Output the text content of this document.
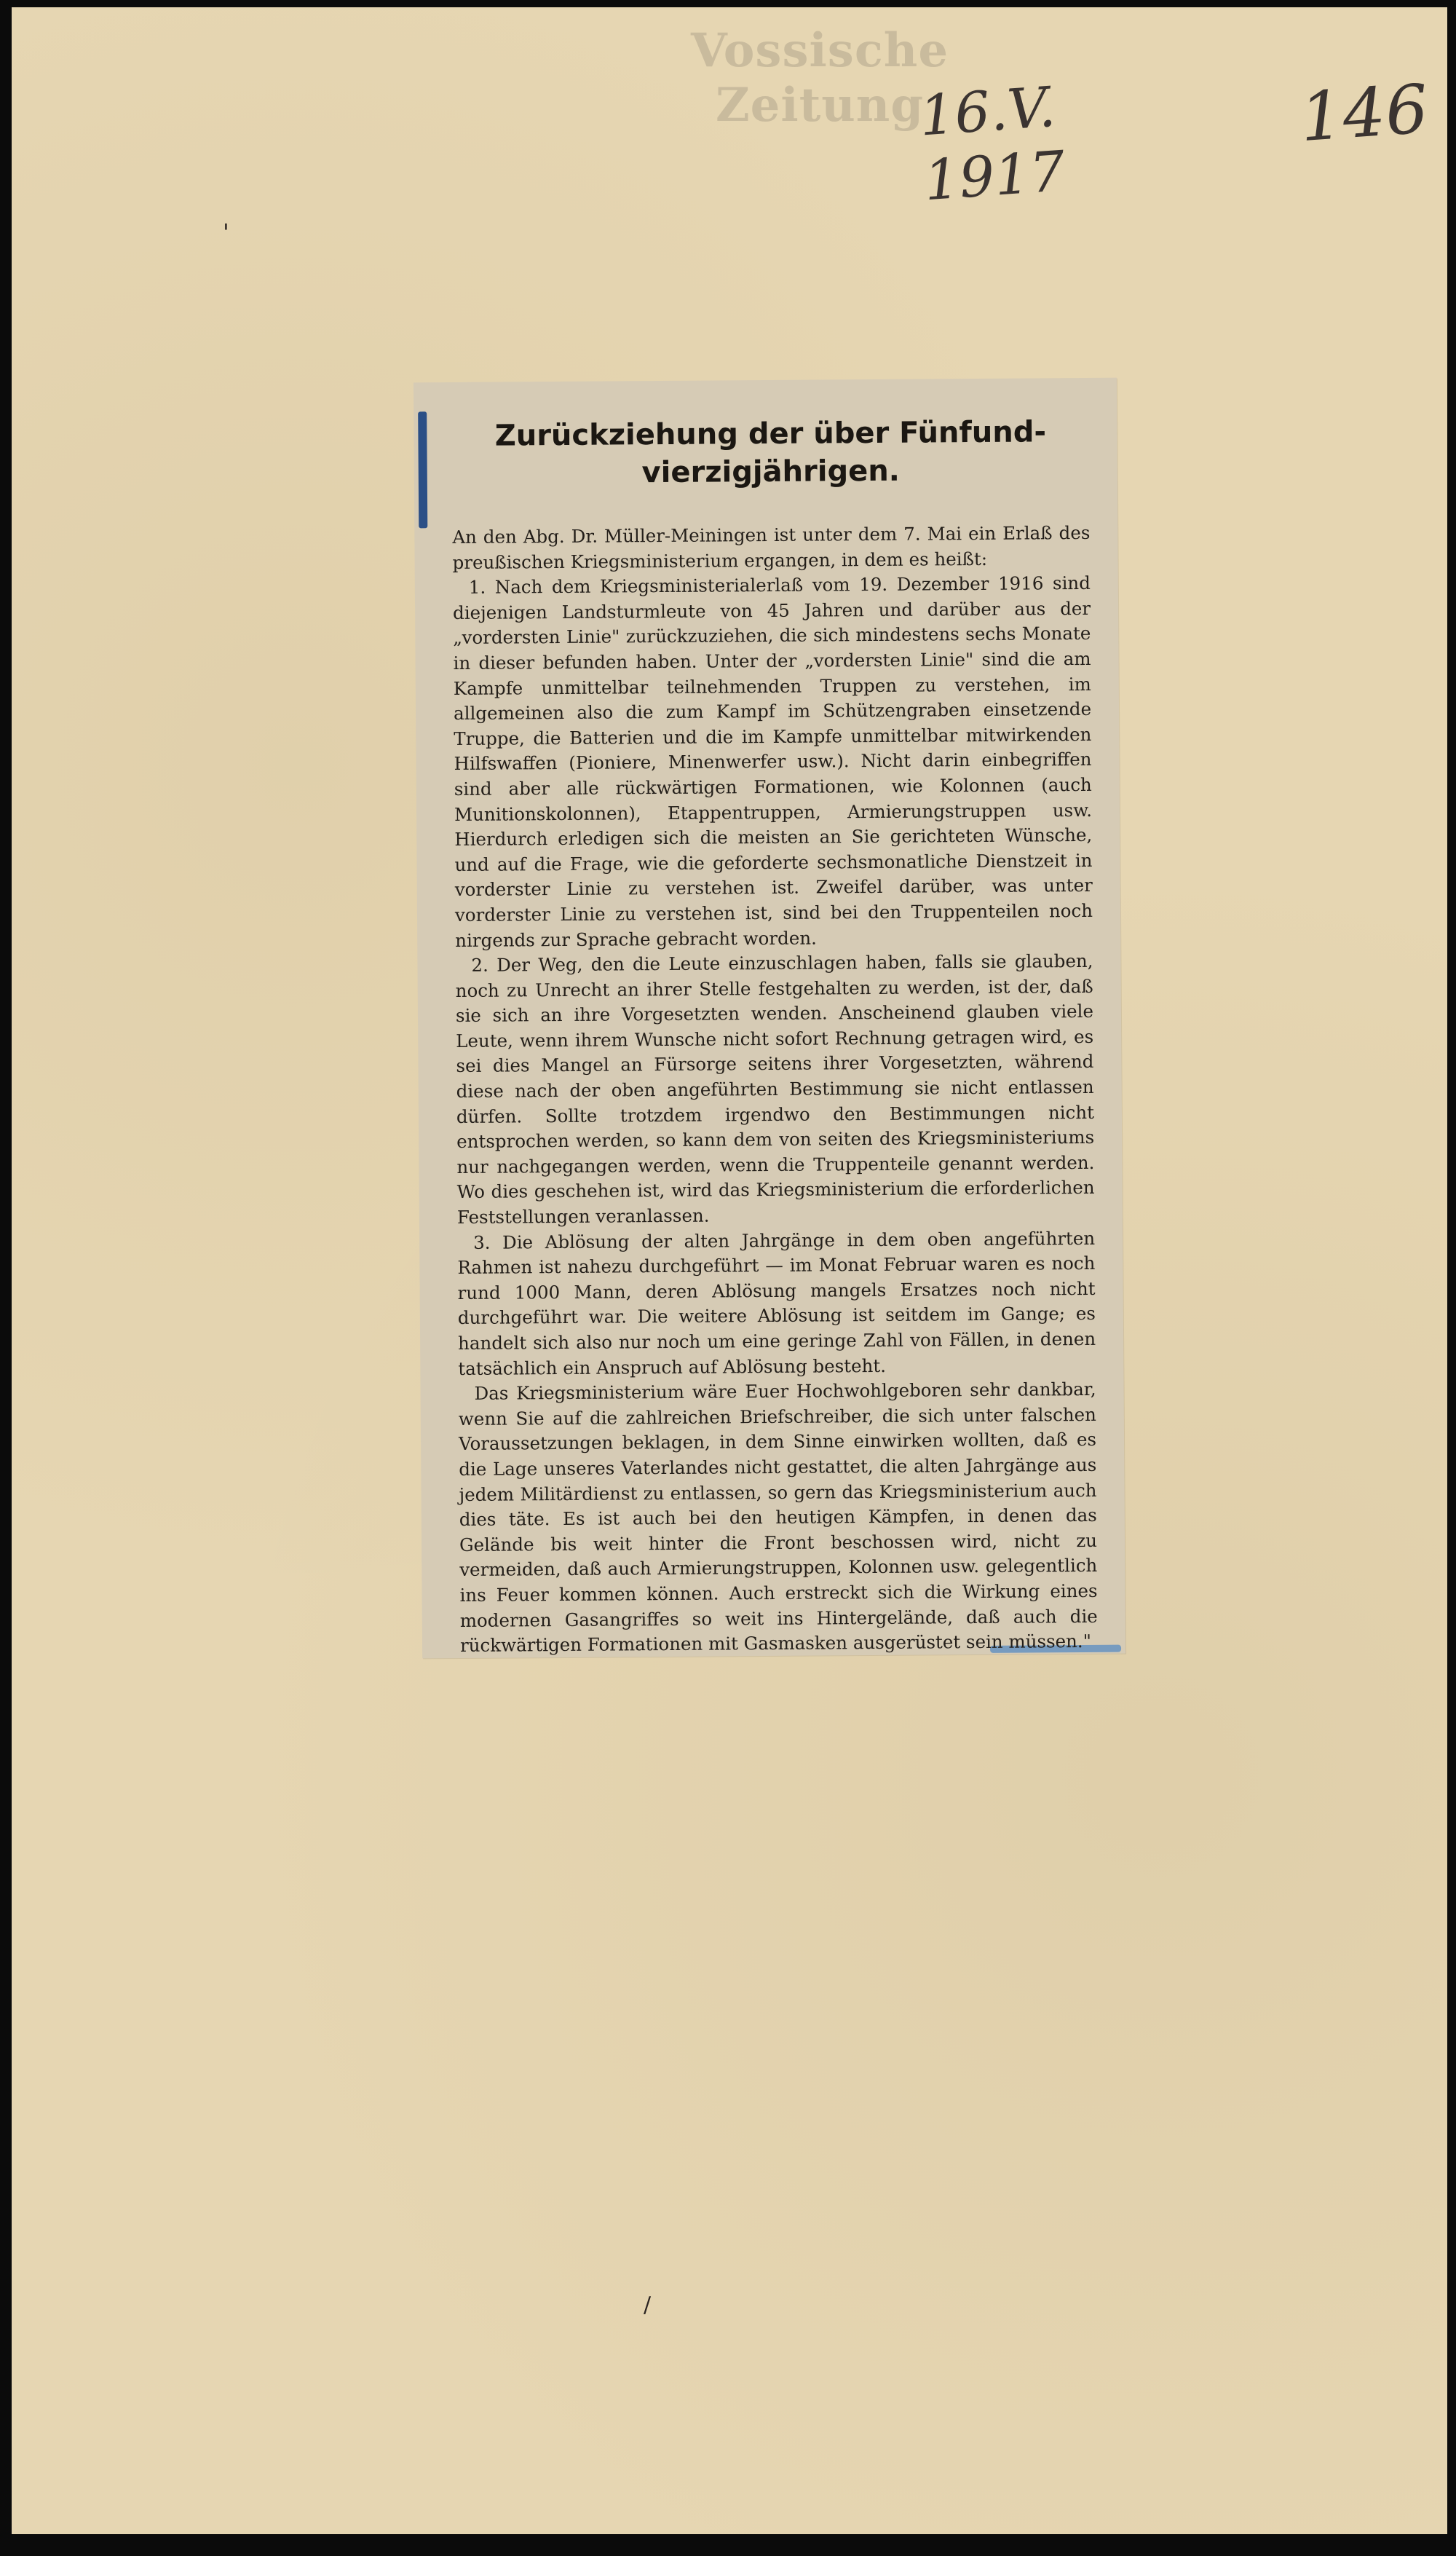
Vossische Zeitung
16.V. 1917
146
'
/
Zurückziehung der über Fünfund-
vierzigjährigen.

An den Abg. Dr. Müller-Meiningen ist unter dem 7. Mai ein Erlaß des preußischen Kriegsministerium ergangen, in dem es heißt:

1. Nach dem Kriegsministerialerlaß vom 19. Dezember 1916 sind diejenigen Landsturmleute von 45 Jahren und darüber aus der „vordersten Linie" zurückzuziehen, die sich mindestens sechs Monate in dieser befunden haben. Unter der „vordersten Linie" sind die am Kampfe unmittelbar teilnehmenden Truppen zu verstehen, im allgemeinen also die zum Kampf im Schützengraben einsetzende Truppe, die Batterien und die im Kampfe unmittelbar mitwirkenden Hilfswaffen (Pioniere, Minenwerfer usw.). Nicht darin einbegriffen sind aber alle rückwärtigen Formationen, wie Kolonnen (auch Munitionskolonnen), Etappentruppen, Armierungstruppen usw. Hierdurch erledigen sich die meisten an Sie gerichteten Wünsche, und auf die Frage, wie die geforderte sechsmonatliche Dienstzeit in vorderster Linie zu verstehen ist. Zweifel darüber, was unter vorderster Linie zu verstehen ist, sind bei den Truppenteilen noch nirgends zur Sprache gebracht worden.

2. Der Weg, den die Leute einzuschlagen haben, falls sie glauben, noch zu Unrecht an ihrer Stelle festgehalten zu werden, ist der, daß sie sich an ihre Vorgesetzten wenden. Anscheinend glauben viele Leute, wenn ihrem Wunsche nicht sofort Rechnung getragen wird, es sei dies Mangel an Fürsorge seitens ihrer Vorgesetzten, während diese nach der oben angeführten Bestimmung sie nicht entlassen dürfen. Sollte trotzdem irgendwo den Bestimmungen nicht entsprochen werden, so kann dem von seiten des Kriegsministeriums nur nachgegangen werden, wenn die Truppenteile genannt werden. Wo dies geschehen ist, wird das Kriegsministerium die erforderlichen Feststellungen veranlassen.

3. Die Ablösung der alten Jahrgänge in dem oben angeführten Rahmen ist nahezu durchgeführt — im Monat Februar waren es noch rund 1000 Mann, deren Ablösung mangels Ersatzes noch nicht durchgeführt war. Die weitere Ablösung ist seitdem im Gange; es handelt sich also nur noch um eine geringe Zahl von Fällen, in denen tatsächlich ein Anspruch auf Ablösung besteht.

Das Kriegsministerium wäre Euer Hochwohlgeboren sehr dankbar, wenn Sie auf die zahlreichen Briefschreiber, die sich unter falschen Voraussetzungen beklagen, in dem Sinne einwirken wollten, daß es die Lage unseres Vaterlandes nicht gestattet, die alten Jahrgänge aus jedem Militärdienst zu entlassen, so gern das Kriegsministerium auch dies täte. Es ist auch bei den heutigen Kämpfen, in denen das Gelände bis weit hinter die Front beschossen wird, nicht zu vermeiden, daß auch Armierungstruppen, Kolonnen usw. gelegentlich ins Feuer kommen können. Auch erstreckt sich die Wirkung eines modernen Gasangriffes so weit ins Hintergelände, daß auch die rückwärtigen Formationen mit Gasmasken ausgerüstet sein müssen."
